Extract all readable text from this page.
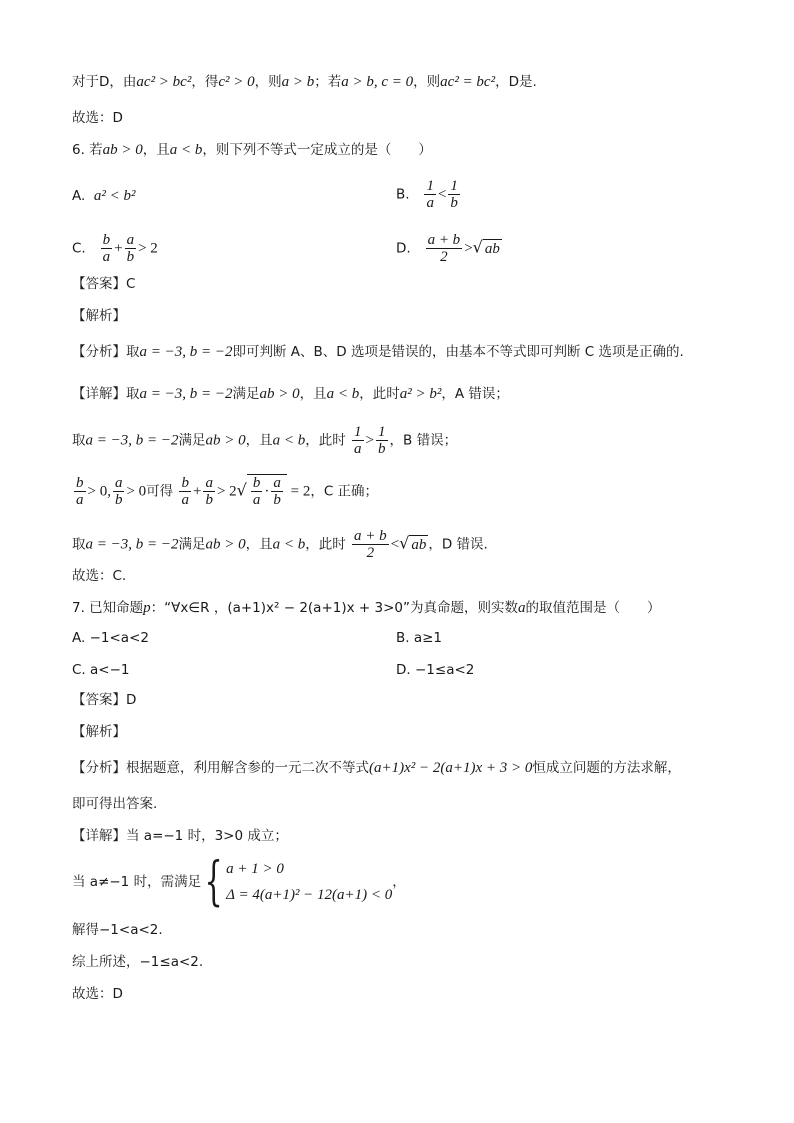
对于D，由ac² > bc²，得c² > 0，则a > b；若a > b, c = 0，则ac² = bc²，D是.
故选：D
6. 若ab > 0，且a < b，则下列不等式一定成立的是（　　）
A. a² < b²	B. $\frac{1}{a} < \frac{1}{b}$
C. $\frac{b}{a} + \frac{a}{b} > 2$	D. $\frac{a + b}{2}$ >√ ab
【答案】C
【解析】
【分析】取a = −3, b = −2即可判断 A、B、D 选项是错误的，由基本不等式即可判断 C 选项是正确的.
【详解】取a = −3, b = −2满足ab > 0，且a < b，此时a² > b²，A 错误；
取a = −3, b = −2满足ab > 0，且a < b，此时 $\frac{1}{a} > \frac{1}{b}$ ，B 错误；
$\frac{b}{a} > 0$, $\frac{a}{b} > 0$可得 $\frac{b}{a} + \frac{a}{b} > 2√ \frac{b}{a} \cdot \frac{a}{b} = 2$，C 正确；
取a = −3, b = −2满足ab > 0，且a < b，此时 $\frac{a + b}{2}$ <√ ab ，D 错误.
故选：C.
7. 已知命题p：“∀x∈R ，(a+1)x² − 2(a+1)x + 3>0”为真命题，则实数a的取值范围是（　　）
A. −1<a<2	B. a≥1
C. a<−1	D. −1≤a<2
【答案】D
【解析】
【分析】根据题意，利用解含参的一元二次不等式(a+1)x² − 2(a+1)x + 3 > 0恒成立问题的方法求解，
即可得出答案.
【详解】当 a=−1 时，3>0 成立；
当 a≠−1 时，需满足{ a + 1 > 0
Δ = 4(a+1)² − 12(a+1) < 0
，
解得−1<a<2.
综上所述，−1≤a<2.
故选：D
